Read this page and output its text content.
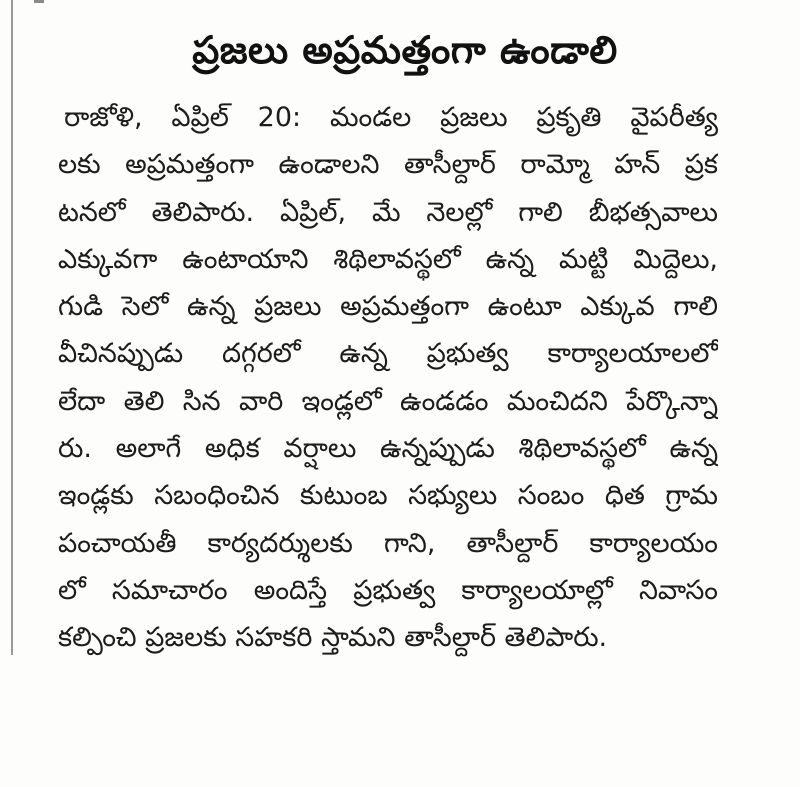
ప్రజలు అప్రమత్తంగా ఉండాలి
రాజోళి, ఏప్రిల్ 20: మండల ప్రజలు ప్రకృతి వైపరీత్య
లకు అప్రమత్తంగా ఉండాలని తాసీల్దార్ రామ్మో హన్ ప్రక
టనలో తెలిపారు. ఏప్రిల్, మే నెలల్లో గాలి బీభత్సవాలు
ఎక్కువగా ఉంటాయాని శిథిలావస్థలో ఉన్న మట్టి మిద్దెలు,
గుడి సెలో ఉన్న ప్రజలు అప్రమత్తంగా ఉంటూ ఎక్కువ గాలి
వీచినప్పుడు దగ్గరలో ఉన్న ప్రభుత్వ కార్యాలయాలలో
లేదా తెలి సిన వారి ఇండ్లలో ఉండడం మంచిదని పేర్కొన్నా
రు. అలాగే అధిక వర్షాలు ఉన్నప్పుడు శిథిలావస్థలో ఉన్న
ఇండ్లకు సబంధించిన కుటుంబ సభ్యులు సంబం ధిత గ్రామ
పంచాయతీ కార్యదర్శులకు గాని, తాసీల్దార్ కార్యాలయం
లో సమాచారం అందిస్తే ప్రభుత్వ కార్యాలయాల్లో నివాసం
కల్పించి ప్రజలకు సహకరి స్తామని తాసీల్దార్ తెలిపారు.
